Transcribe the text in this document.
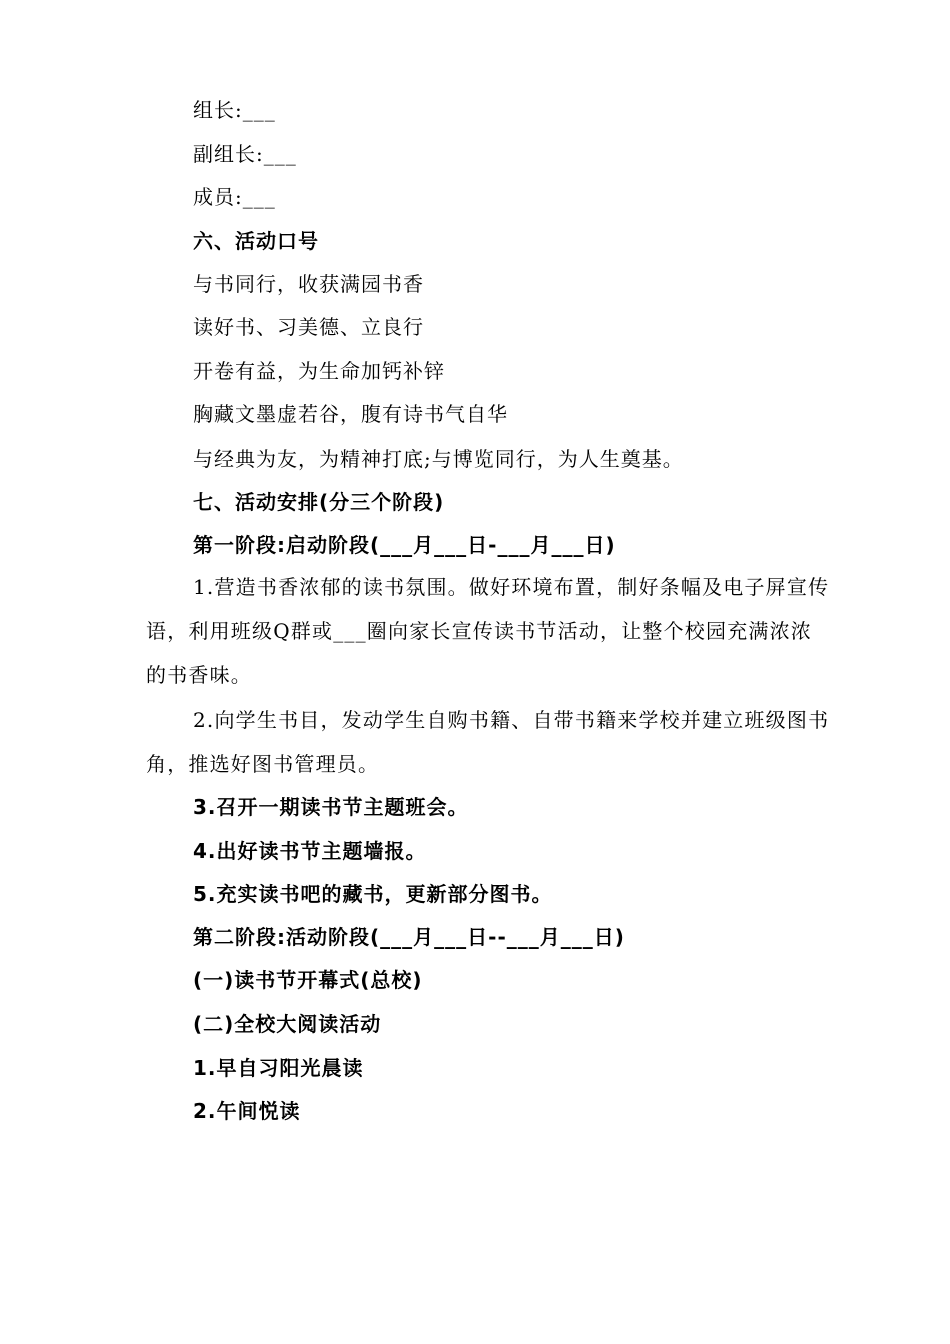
组长:___
副组长:___
成员:___
六、活动口号
与书同行，收获满园书香
读好书、习美德、立良行
开卷有益，为生命加钙补锌
胸藏文墨虚若谷，腹有诗书气自华
与经典为友，为精神打底;与博览同行，为人生奠基。
七、活动安排(分三个阶段)
第一阶段:启动阶段(___月___日-___月___日)
1.营造书香浓郁的读书氛围。做好环境布置，制好条幅及电子屏宣传语，利用班级Q群或___圈向家长宣传读书节活动，让整个校园充满浓浓的书香味。
2.向学生书目，发动学生自购书籍、自带书籍来学校并建立班级图书角，推选好图书管理员。
3.召开一期读书节主题班会。
4.出好读书节主题墙报。
5.充实读书吧的藏书，更新部分图书。
第二阶段:活动阶段(___月___日--___月___日)
(一)读书节开幕式(总校)
(二)全校大阅读活动
1.早自习阳光晨读
2.午间悦读
